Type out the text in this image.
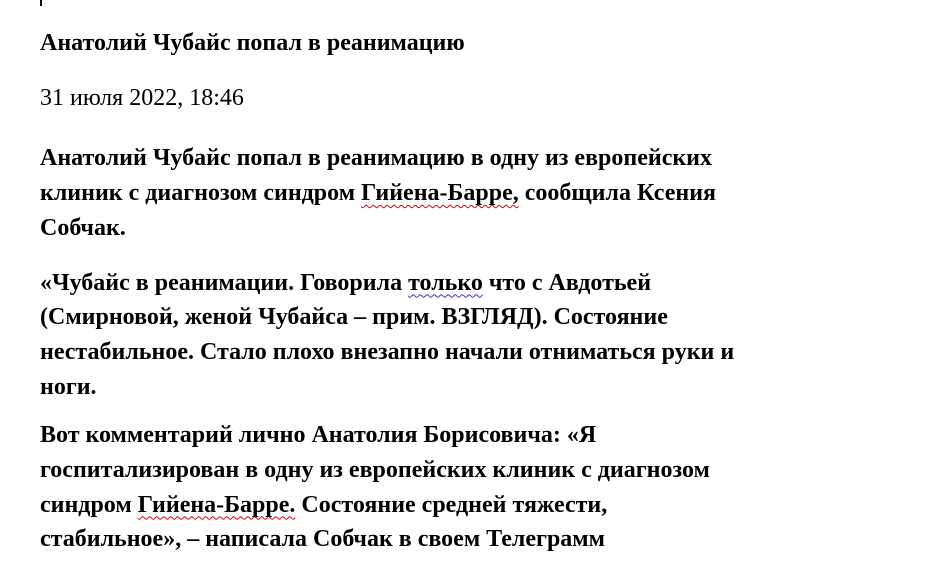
Анатолий Чубайс попал в реанимацию

31 июля 2022, 18:46

Анатолий Чубайс попал в реанимацию в одну из европейских
клиник с диагнозом синдром Гийена-Барре, сообщила Ксения
Собчак.

«Чубайс в реанимации. Говорила только что с Авдотьей
(Смирновой, женой Чубайса – прим. ВЗГЛЯД). Состояние
нестабильное. Стало плохо внезапно начали отниматься руки и
ноги.

Вот комментарий лично Анатолия Борисовича: «Я
госпитализирован в одну из европейских клиник с диагнозом
синдром Гийена-Барре. Состояние средней тяжести,
стабильное», – написала Собчак в своем Телеграмм
